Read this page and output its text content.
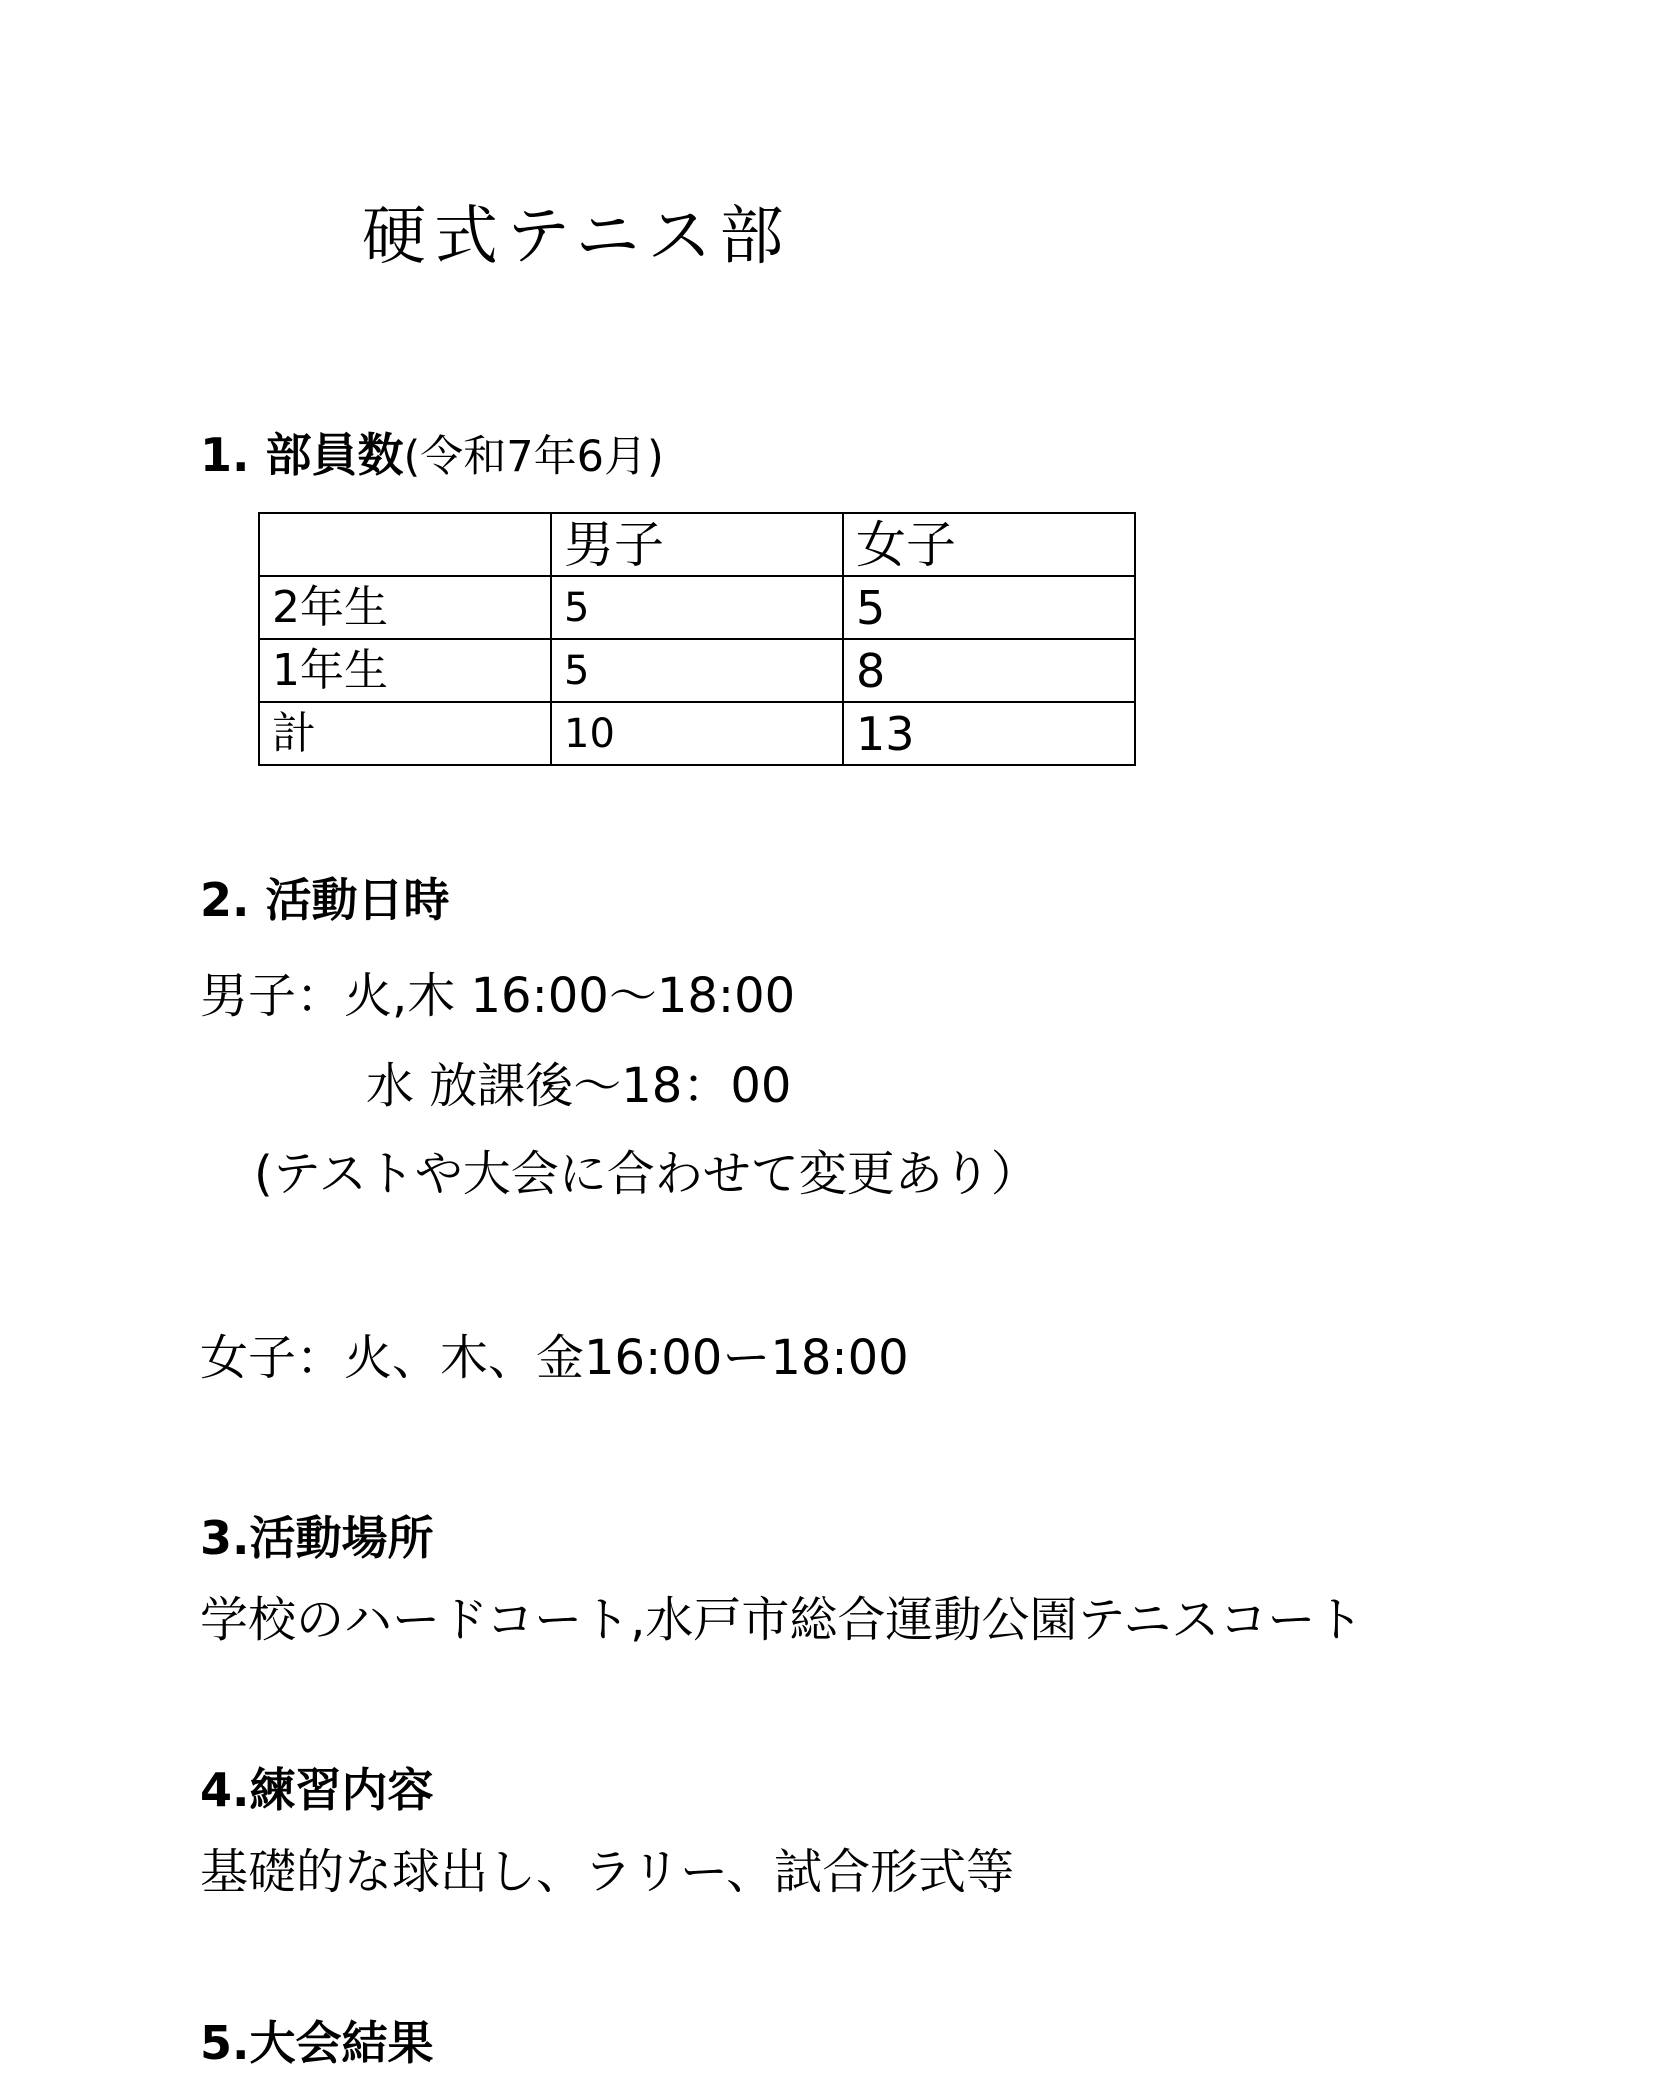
硬式テニス部
1. 部員数(令和7年6月)
	男子	女子
2年生	5	5
1年生	5	8
計	10	13
2. 活動日時
男子：火,木 16:00〜18:00
水 放課後〜18：00
(テストや大会に合わせて変更あり）
女子：火、木、金16:00ー18:00
3.活動場所
学校のハードコート,水戸市総合運動公園テニスコート
4.練習内容
基礎的な球出し、ラリー、試合形式等
5.大会結果
